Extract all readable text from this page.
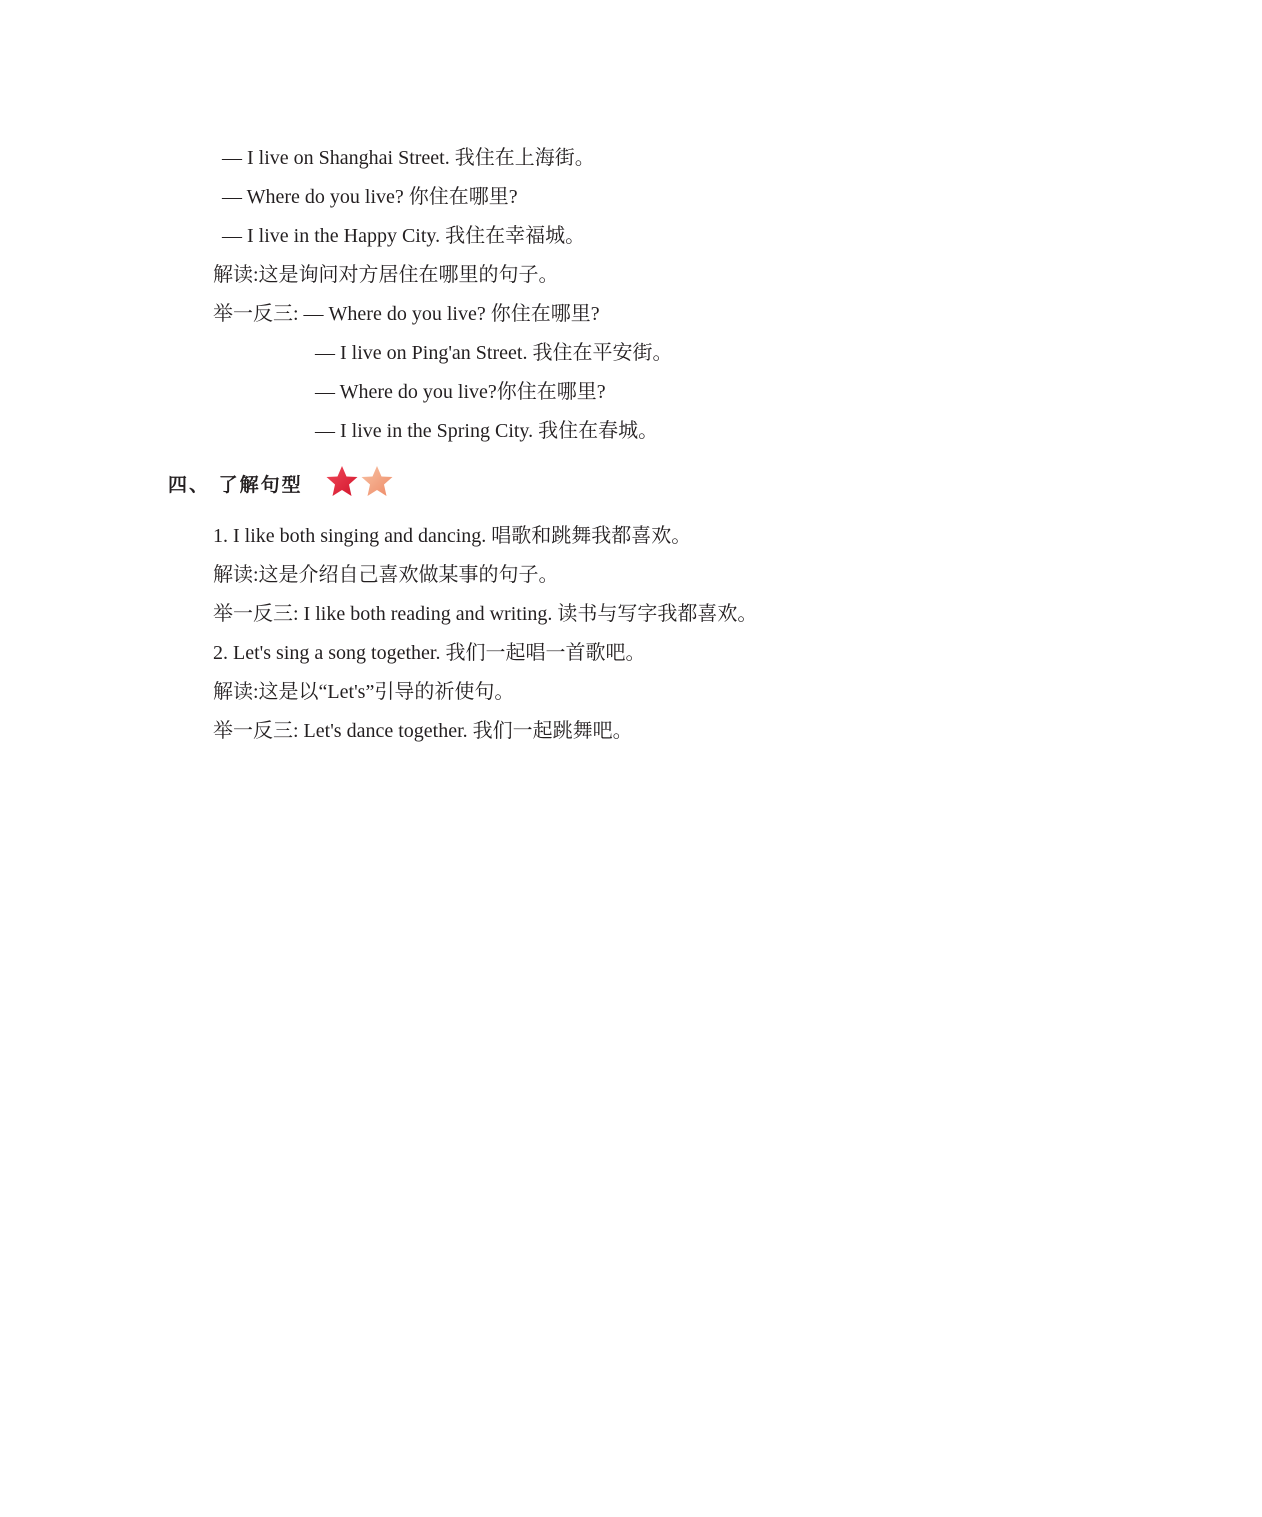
— I live on Shanghai Street. 我住在上海街。
— Where do you live? 你住在哪里?
— I live in the Happy City. 我住在幸福城。
解读:这是询问对方居住在哪里的句子。
举一反三: — Where do you live? 你住在哪里?
— I live on Ping'an Street. 我住在平安街。
— Where do you live?你住在哪里?
— I live in the Spring City. 我住在春城。
四、 了解句型
1. I like both singing and dancing. 唱歌和跳舞我都喜欢。
解读:这是介绍自己喜欢做某事的句子。
举一反三: I like both reading and writing. 读书与写字我都喜欢。
2. Let's sing a song together. 我们一起唱一首歌吧。
解读:这是以“Let's”引导的祈使句。
举一反三: Let's dance together. 我们一起跳舞吧。
